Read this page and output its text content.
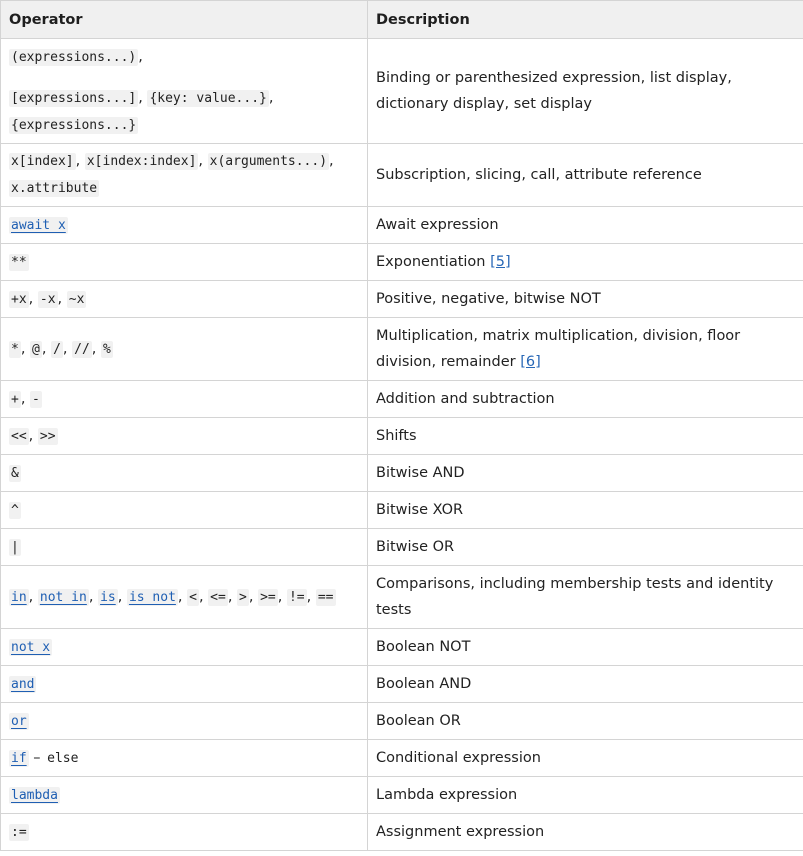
Operator	Description

(expressions...) ,
[expressions...] , {key: value...} ,
{expressions...}	Binding or parenthesized expression, list display, dictionary display, set display
x[index] , x[index:index] , x(arguments...) ,
x.attribute	Subscription, slicing, call, attribute reference
await x	Await expression
**	Exponentiation [5]
+x , -x , ~x	Positive, negative, bitwise NOT
* , @ , / , // , %	Multiplication, matrix multiplication, division, floor division, remainder [6]
+ , -	Addition and subtraction
<< , >>	Shifts
&	Bitwise AND
^	Bitwise XOR
|	Bitwise OR
in , not in , is , is not , < , <= , > , >= , != , ==	Comparisons, including membership tests and identity tests
not x	Boolean NOT
and	Boolean AND
or	Boolean OR
if – else	Conditional expression
lambda	Lambda expression
:=	Assignment expression
